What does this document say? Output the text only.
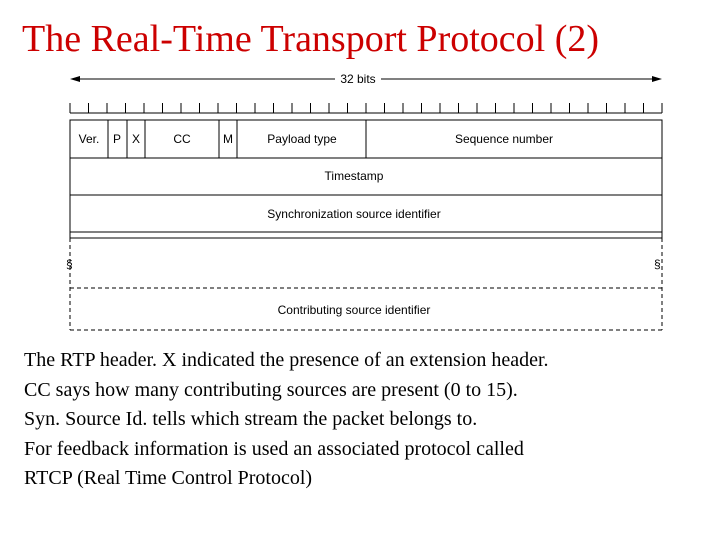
The Real-Time Transport Protocol (2)
§	§
32 bits
Ver. P X	CC	M	Payload type	Sequence number
Timestamp
Synchronization source identifier
Contributing source identifier
The RTP header. X indicated the presence of an extension header.
CC says how many contributing sources are present (0 to 15).
Syn. Source Id. tells which stream the packet belongs to.
For feedback information is used an associated protocol called
RTCP (Real Time Control Protocol)
